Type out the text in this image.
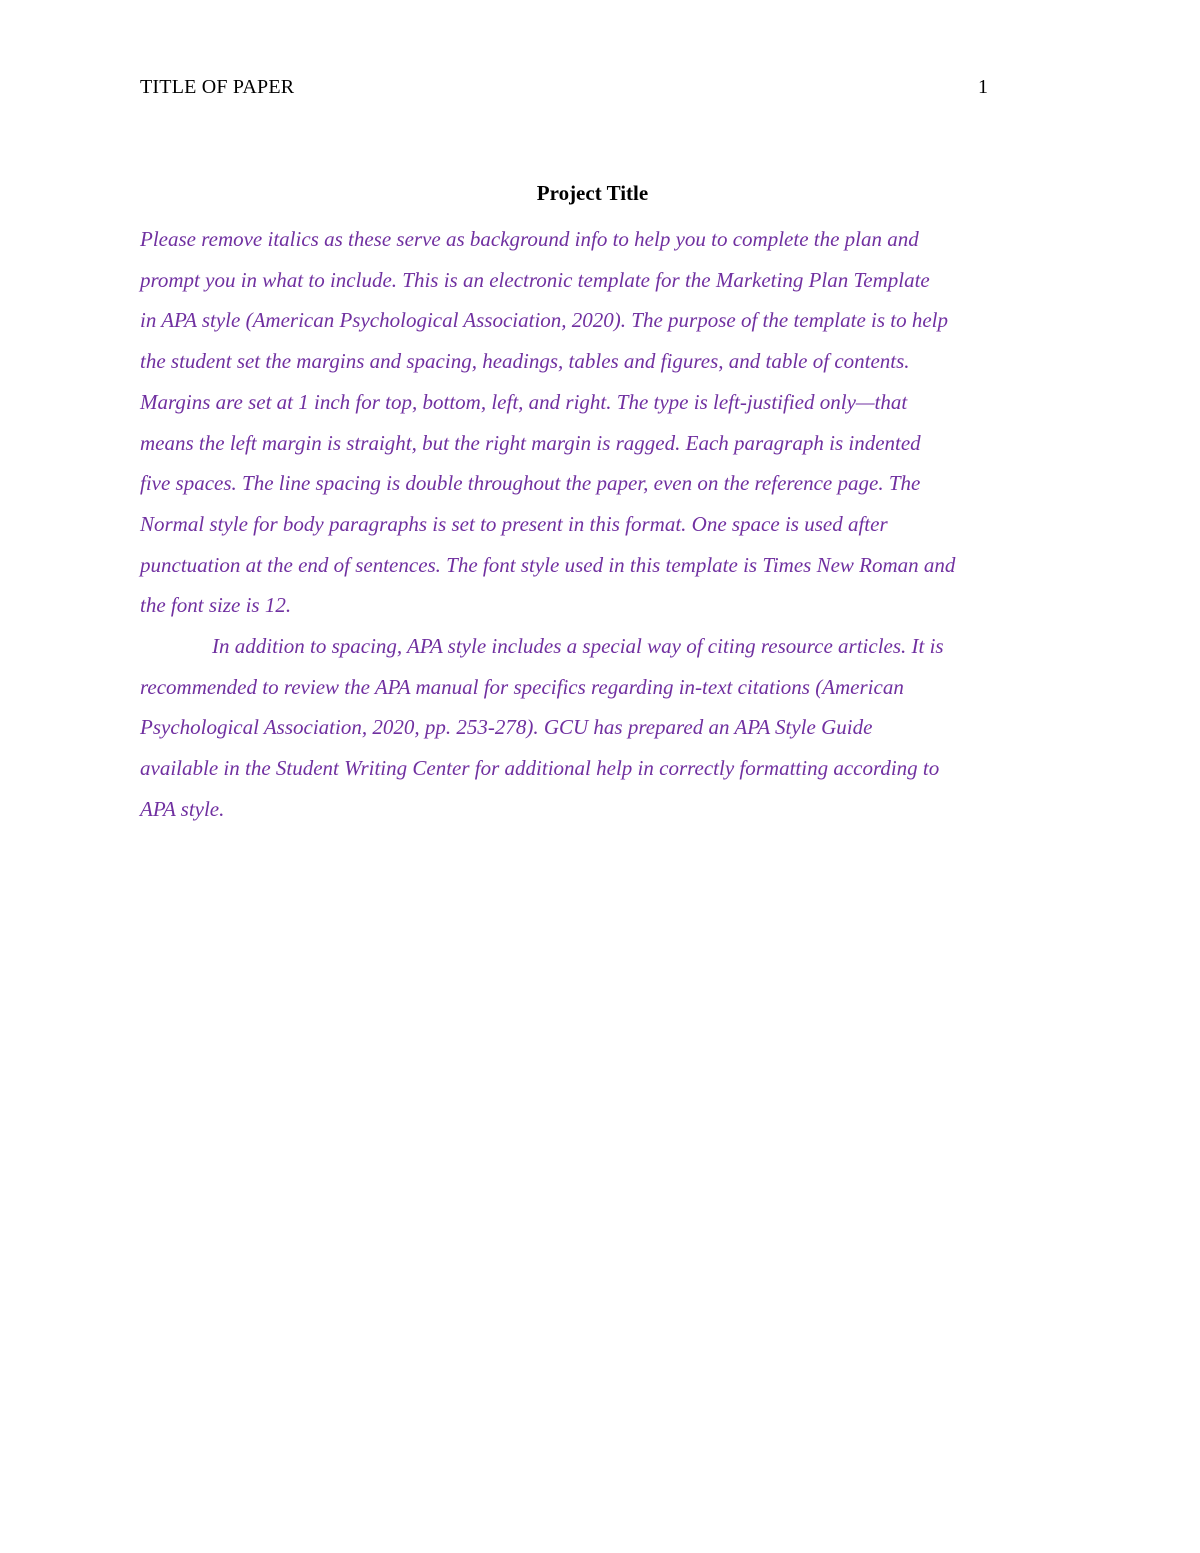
TITLE OF PAPER	1
Project Title

Please remove italics as these serve as background info to help you to complete the plan and
prompt you in what to include. This is an electronic template for the Marketing Plan Template
in APA style (American Psychological Association, 2020). The purpose of the template is to help
the student set the margins and spacing, headings, tables and figures, and table of contents.
Margins are set at 1 inch for top, bottom, left, and right. The type is left-justified only—that
means the left margin is straight, but the right margin is ragged. Each paragraph is indented
five spaces. The line spacing is double throughout the paper, even on the reference page. The
Normal style for body paragraphs is set to present in this format. One space is used after
punctuation at the end of sentences. The font style used in this template is Times New Roman and
the font size is 12.

In addition to spacing, APA style includes a special way of citing resource articles. It is
recommended to review the APA manual for specifics regarding in-text citations (American
Psychological Association, 2020, pp. 253-278). GCU has prepared an APA Style Guide
available in the Student Writing Center for additional help in correctly formatting according to
APA style.
